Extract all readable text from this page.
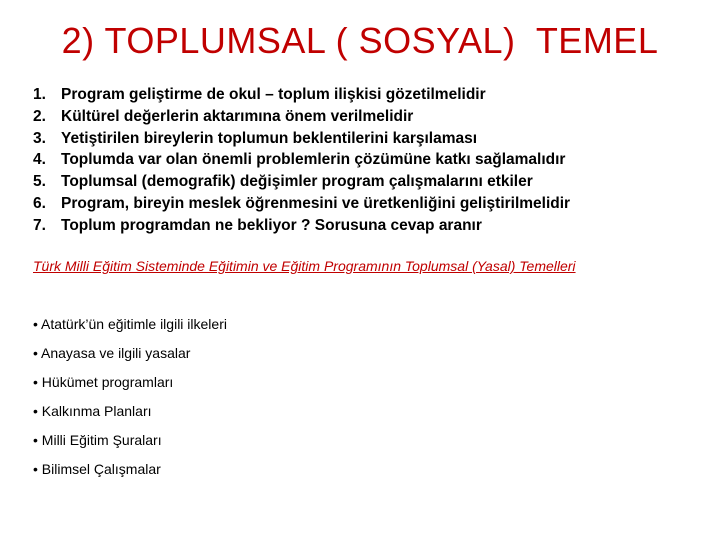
2) TOPLUMSAL ( SOSYAL)  TEMEL
1. Program geliştirme de okul – toplum ilişkisi gözetilmelidir
2. Kültürel değerlerin aktarımına önem verilmelidir
3. Yetiştirilen bireylerin toplumun beklentilerini karşılaması
4. Toplumda var olan önemli problemlerin çözümüne katkı sağlamalıdır
5. Toplumsal (demografik) değişimler program çalışmalarını etkiler
6. Program, bireyin meslek öğrenmesini ve üretkenliğini geliştirilmelidir
7. Toplum programdan ne bekliyor ? Sorusuna cevap aranır
Türk Milli Eğitim Sisteminde Eğitimin ve Eğitim Programının Toplumsal (Yasal) Temelleri
• Atatürk’ün eğitimle ilgili ilkeleri
• Anayasa ve ilgili yasalar
• Hükümet programları
• Kalkınma Planları
• Milli Eğitim Şuraları
• Bilimsel Çalışmalar
